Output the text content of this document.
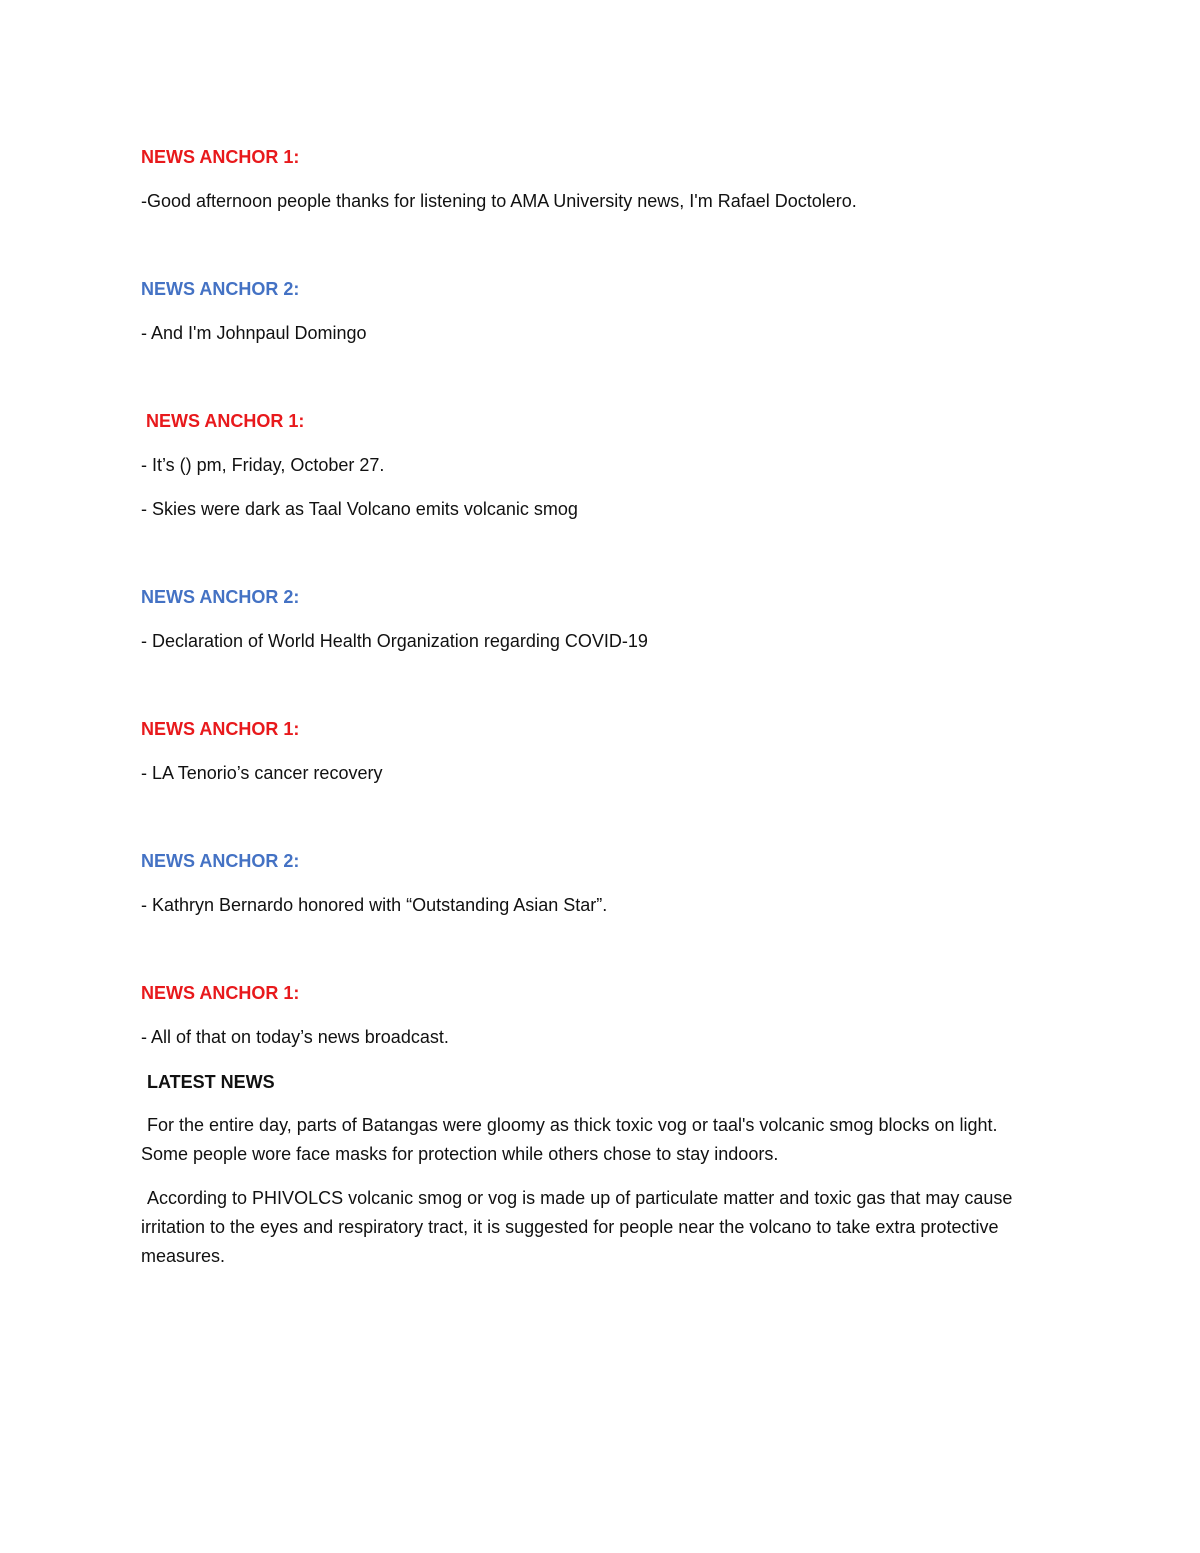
NEWS ANCHOR 1:
-Good afternoon people thanks for listening to AMA University news, I'm Rafael Doctolero.
NEWS ANCHOR 2:
- And I'm Johnpaul Domingo
NEWS ANCHOR 1:
- It’s () pm, Friday, October 27.
- Skies were dark as Taal Volcano emits volcanic smog
NEWS ANCHOR 2:
- Declaration of World Health Organization regarding COVID-19
NEWS ANCHOR 1:
- LA Tenorio’s cancer recovery
NEWS ANCHOR 2:
- Kathryn Bernardo honored with “Outstanding Asian Star”.
NEWS ANCHOR 1:
- All of that on today’s news broadcast.
LATEST NEWS
For the entire day, parts of Batangas were gloomy as thick toxic vog or taal's volcanic smog blocks on light. Some people wore face masks for protection while others chose to stay indoors.
According to PHIVOLCS volcanic smog or vog is made up of particulate matter and toxic gas that may cause irritation to the eyes and respiratory tract, it is suggested for people near the volcano to take extra protective measures.
